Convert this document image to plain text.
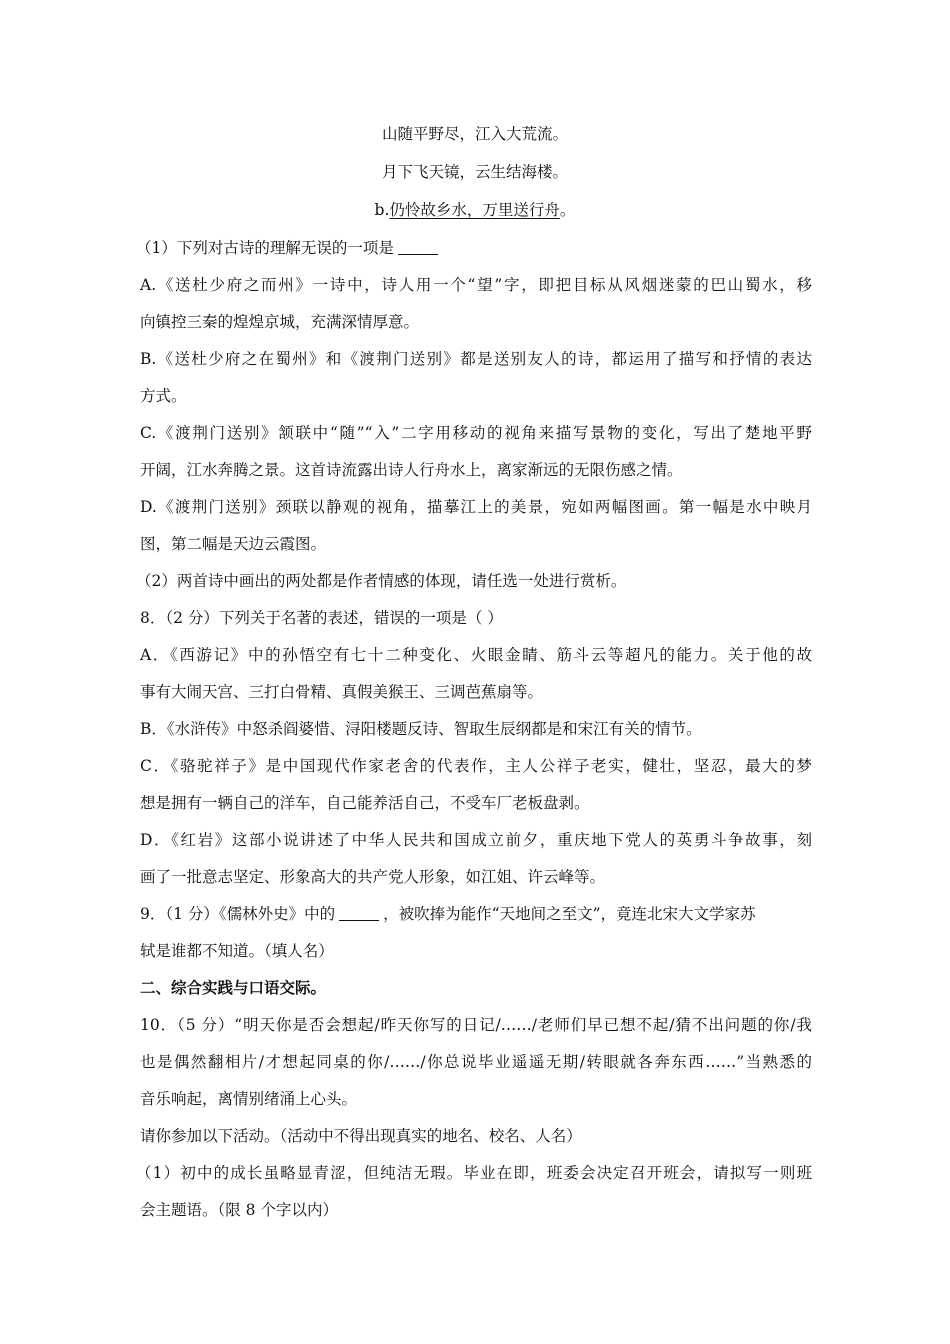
山随平野尽，江入大荒流。
月下飞天镜，云生结海楼。
b.仍怜故乡水，万里送行舟。
（1）下列对古诗的理解无误的一项是
A.《送杜少府之而州》一诗中，诗人用一个“望”字，即把目标从风烟迷蒙的巴山蜀水，移
向镇控三秦的煌煌京城，充满深情厚意。
B.《送杜少府之在蜀州》和《渡荆门送别》都是送别友人的诗，都运用了描写和抒情的表达
方式。
C.《渡荆门送别》颔联中“随”“入”二字用移动的视角来描写景物的变化，写出了楚地平野
开阔，江水奔腾之景。这首诗流露出诗人行舟水上，离家渐远的无限伤感之情。
D.《渡荆门送别》颈联以静观的视角，描摹江上的美景，宛如两幅图画。第一幅是水中映月
图，第二幅是天边云霞图。
（2）两首诗中画出的两处都是作者情感的体现，请任选一处进行赏析。
8．（2 分）下列关于名著的表述，错误的一项是（ ）
A．《西游记》中的孙悟空有七十二种变化、火眼金睛、筋斗云等超凡的能力。关于他的故
事有大闹天宫、三打白骨精、真假美猴王、三调芭蕉扇等。
B．《水浒传》中怒杀阎婆惜、浔阳楼题反诗、智取生辰纲都是和宋江有关的情节。
C．《骆驼祥子》是中国现代作家老舍的代表作，主人公祥子老实，健壮，坚忍，最大的梦
想是拥有一辆自己的洋车，自己能养活自己，不受车厂老板盘剥。
D．《红岩》这部小说讲述了中华人民共和国成立前夕，重庆地下党人的英勇斗争故事，刻
画了一批意志坚定、形象高大的共产党人形象，如江姐、许云峰等。
9．（1 分）《儒林外史》中的	，被吹捧为能作“天地间之至文”，竟连北宋大文学家苏
轼是谁都不知道。（填人名）
二、综合实践与口语交际。
10．（5 分）“明天你是否会想起/昨天你写的日记/……/老师们早已想不起/猜不出问题的你/我
也是偶然翻相片/才想起同桌的你/……/你总说毕业遥遥无期/转眼就各奔东西……”当熟悉的
音乐响起，离情别绪涌上心头。
请你参加以下活动。（活动中不得出现真实的地名、校名、人名）
（1）初中的成长虽略显青涩，但纯洁无瑕。毕业在即，班委会决定召开班会，请拟写一则班
会主题语。（限 8 个字以内）
